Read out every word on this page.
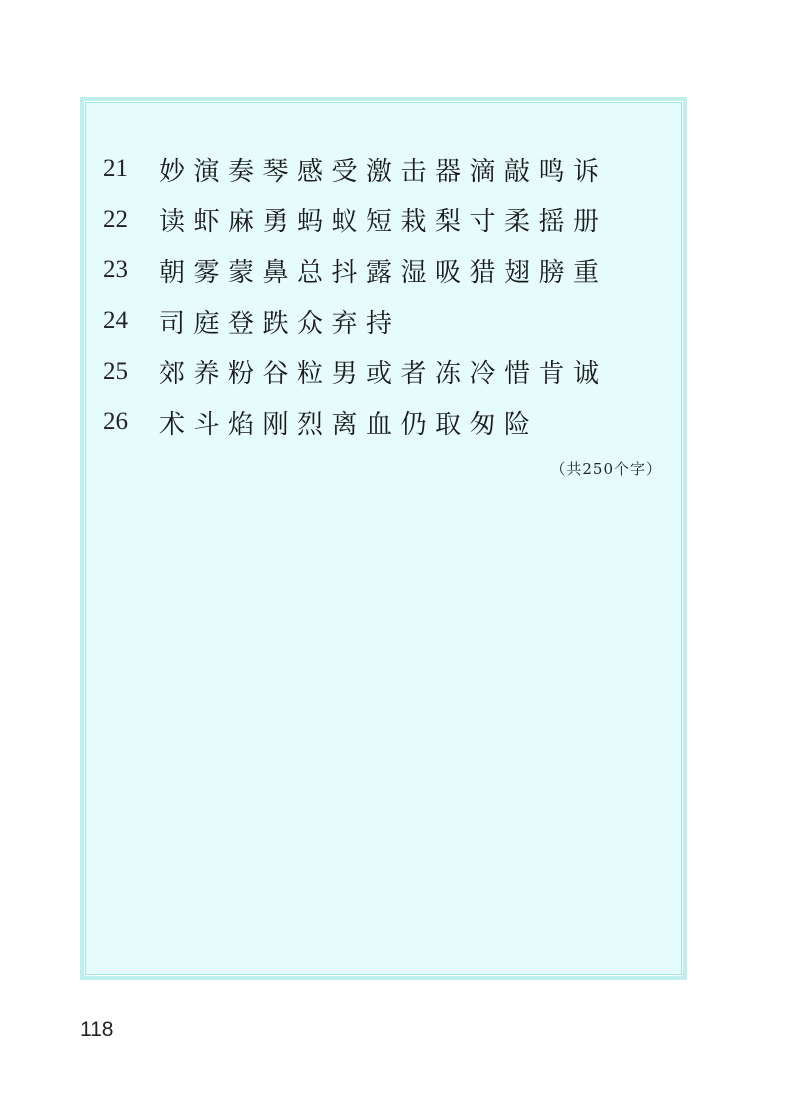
21	妙演奏琴感受激击器滴敲鸣诉
22	读虾麻勇蚂蚁短栽梨寸柔摇册
23	朝雾蒙鼻总抖露湿吸猎翅膀重
24	司庭登跌众弃持
25	郊养粉谷粒男或者冻冷惜肯诚
26	术斗焰刚烈离血仍取匆险
（共250个字）
118
